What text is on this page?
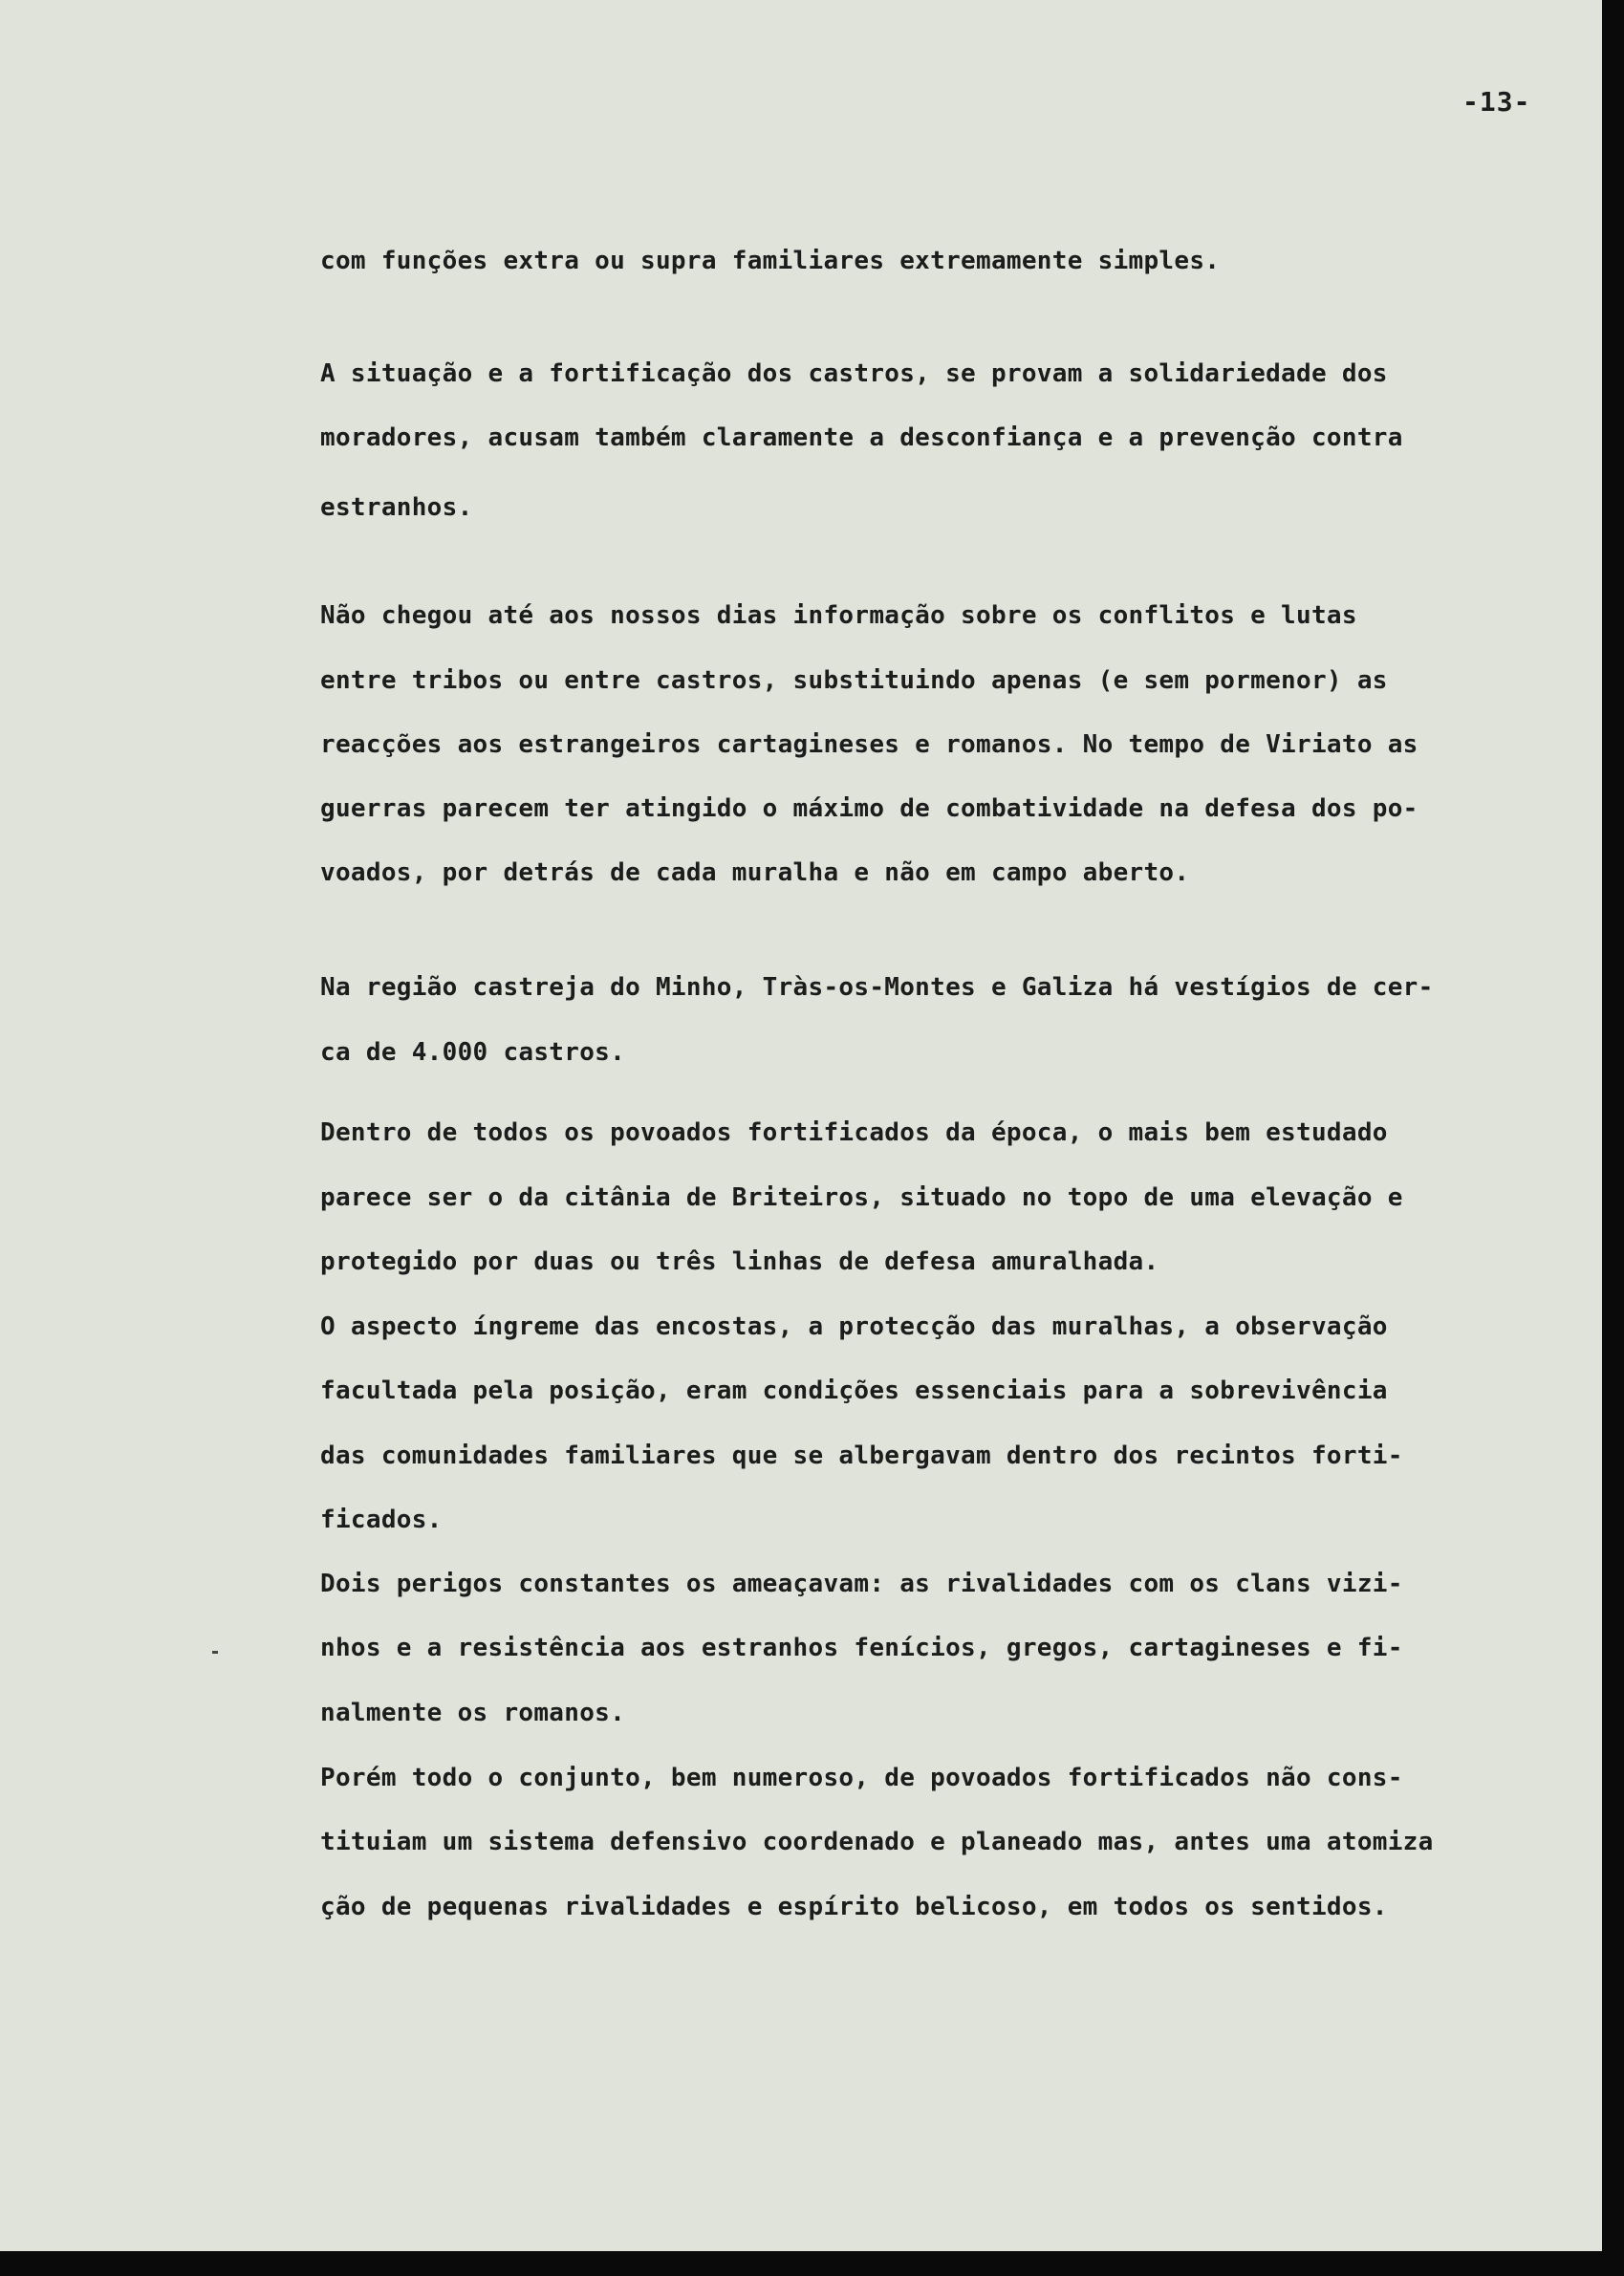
-13-
com funções extra ou supra familiares extremamente simples.
A situação e a fortificação dos castros, se provam a solidariedade dos
moradores, acusam também claramente a desconfiança e a prevenção contra
estranhos.
Não chegou até aos nossos dias informação sobre os conflitos e lutas
entre tribos ou entre castros, substituindo apenas (e sem pormenor) as
reacções aos estrangeiros cartagineses e romanos. No tempo de Viriato as
guerras parecem ter atingido o máximo de combatividade na defesa dos po-
voados, por detrás de cada muralha e não em campo aberto.
Na região castreja do Minho, Tràs-os-Montes e Galiza há vestígios de cer-
ca de 4.000 castros.
Dentro de todos os povoados fortificados da época, o mais bem estudado
parece ser o da citânia de Briteiros, situado no topo de uma elevação e
protegido por duas ou três linhas de defesa amuralhada.
O aspecto íngreme das encostas, a protecção das muralhas, a observação
facultada pela posição, eram condições essenciais para a sobrevivência
das comunidades familiares que se albergavam dentro dos recintos forti-
ficados.
Dois perigos constantes os ameaçavam: as rivalidades com os clans vizi-
nhos e a resistência aos estranhos fenícios, gregos, cartagineses e fi-
nalmente os romanos.
Porém todo o conjunto, bem numeroso, de povoados fortificados não cons-
tituiam um sistema defensivo coordenado e planeado mas, antes uma atomiza
ção de pequenas rivalidades e espírito belicoso, em todos os sentidos.
